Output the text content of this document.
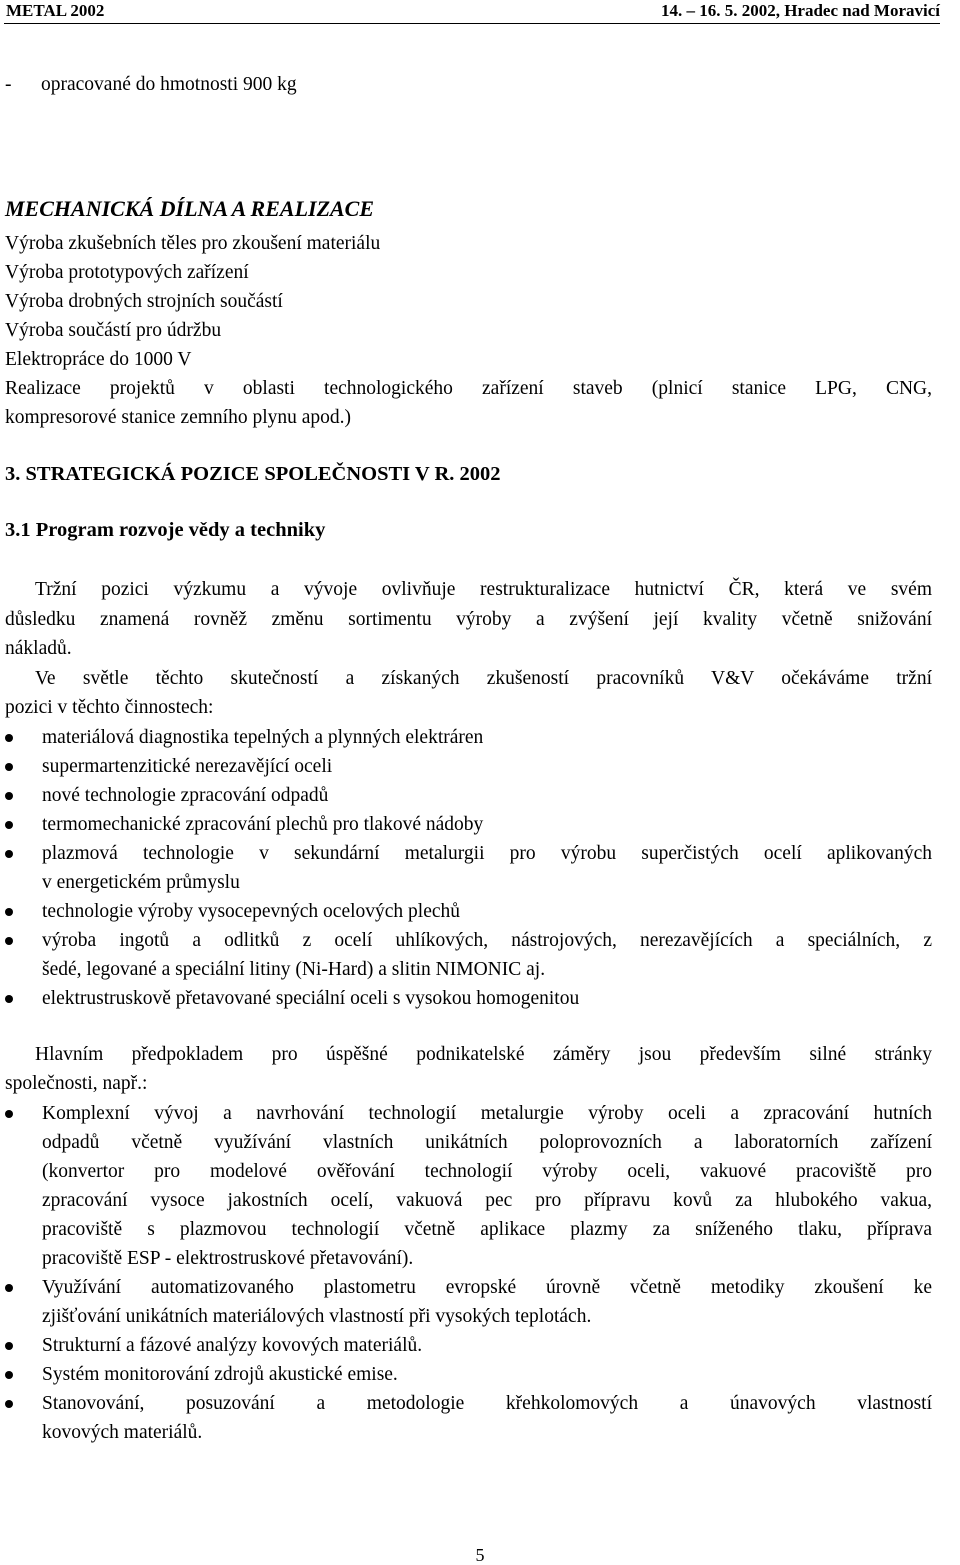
METAL 2002	14. – 16. 5. 2002, Hradec nad Moravicí
- opracované do hmotnosti 900 kg
MECHANICKÁ DÍLNA A REALIZACE
Výroba zkušebních těles pro zkoušení materiálu
Výroba prototypových zařízení
Výroba drobných strojních součástí
Výroba součástí pro údržbu
Elektropráce do 1000 V
Realizace projektů v oblasti technologického zařízení staveb (plnicí stanice LPG, CNG,
kompresorové stanice zemního plynu apod.)
3. STRATEGICKÁ POZICE SPOLEČNOSTI V R. 2002
3.1 Program rozvoje vědy a techniky
Tržní pozici výzkumu a vývoje ovlivňuje restrukturalizace hutnictví ČR, která ve svém
důsledku znamená rovněž změnu sortimentu výroby a zvýšení její kvality včetně snižování
nákladů.
Ve světle těchto skutečností a získaných zkušeností pracovníků V&V očekáváme tržní
pozici v těchto činnostech:
materiálová diagnostika tepelných a plynných elektráren
supermartenzitické nerezavějící oceli
nové technologie zpracování odpadů
termomechanické zpracování plechů pro tlakové nádoby
plazmová technologie v sekundární metalurgii pro výrobu superčistých ocelí aplikovaných
v energetickém průmyslu
technologie výroby vysocepevných ocelových plechů
výroba ingotů a odlitků z ocelí uhlíkových, nástrojových, nerezavějících a speciálních, z
šedé, legované a speciální litiny (Ni-Hard) a slitin NIMONIC aj.
elektrustruskově přetavované speciální oceli s vysokou homogenitou
Hlavním předpokladem pro úspěšné podnikatelské záměry jsou především silné stránky
společnosti, např.:
Komplexní vývoj a navrhování technologií metalurgie výroby oceli a zpracování hutních
odpadů včetně využívání vlastních unikátních poloprovozních a laboratorních zařízení
(konvertor pro modelové ověřování technologií výroby oceli, vakuové pracoviště pro
zpracování vysoce jakostních ocelí, vakuová pec pro přípravu kovů za hlubokého vakua,
pracoviště s plazmovou technologií včetně aplikace plazmy za sníženého tlaku, příprava
pracoviště ESP - elektrostruskové přetavování).
Využívání automatizovaného plastometru evropské úrovně včetně metodiky zkoušení ke
zjišťování unikátních materiálových vlastností při vysokých teplotách.
Strukturní a fázové analýzy kovových materiálů.
Systém monitorování zdrojů akustické emise.
Stanovování, posuzování a metodologie křehkolomových a únavových vlastností
kovových materiálů.
5
